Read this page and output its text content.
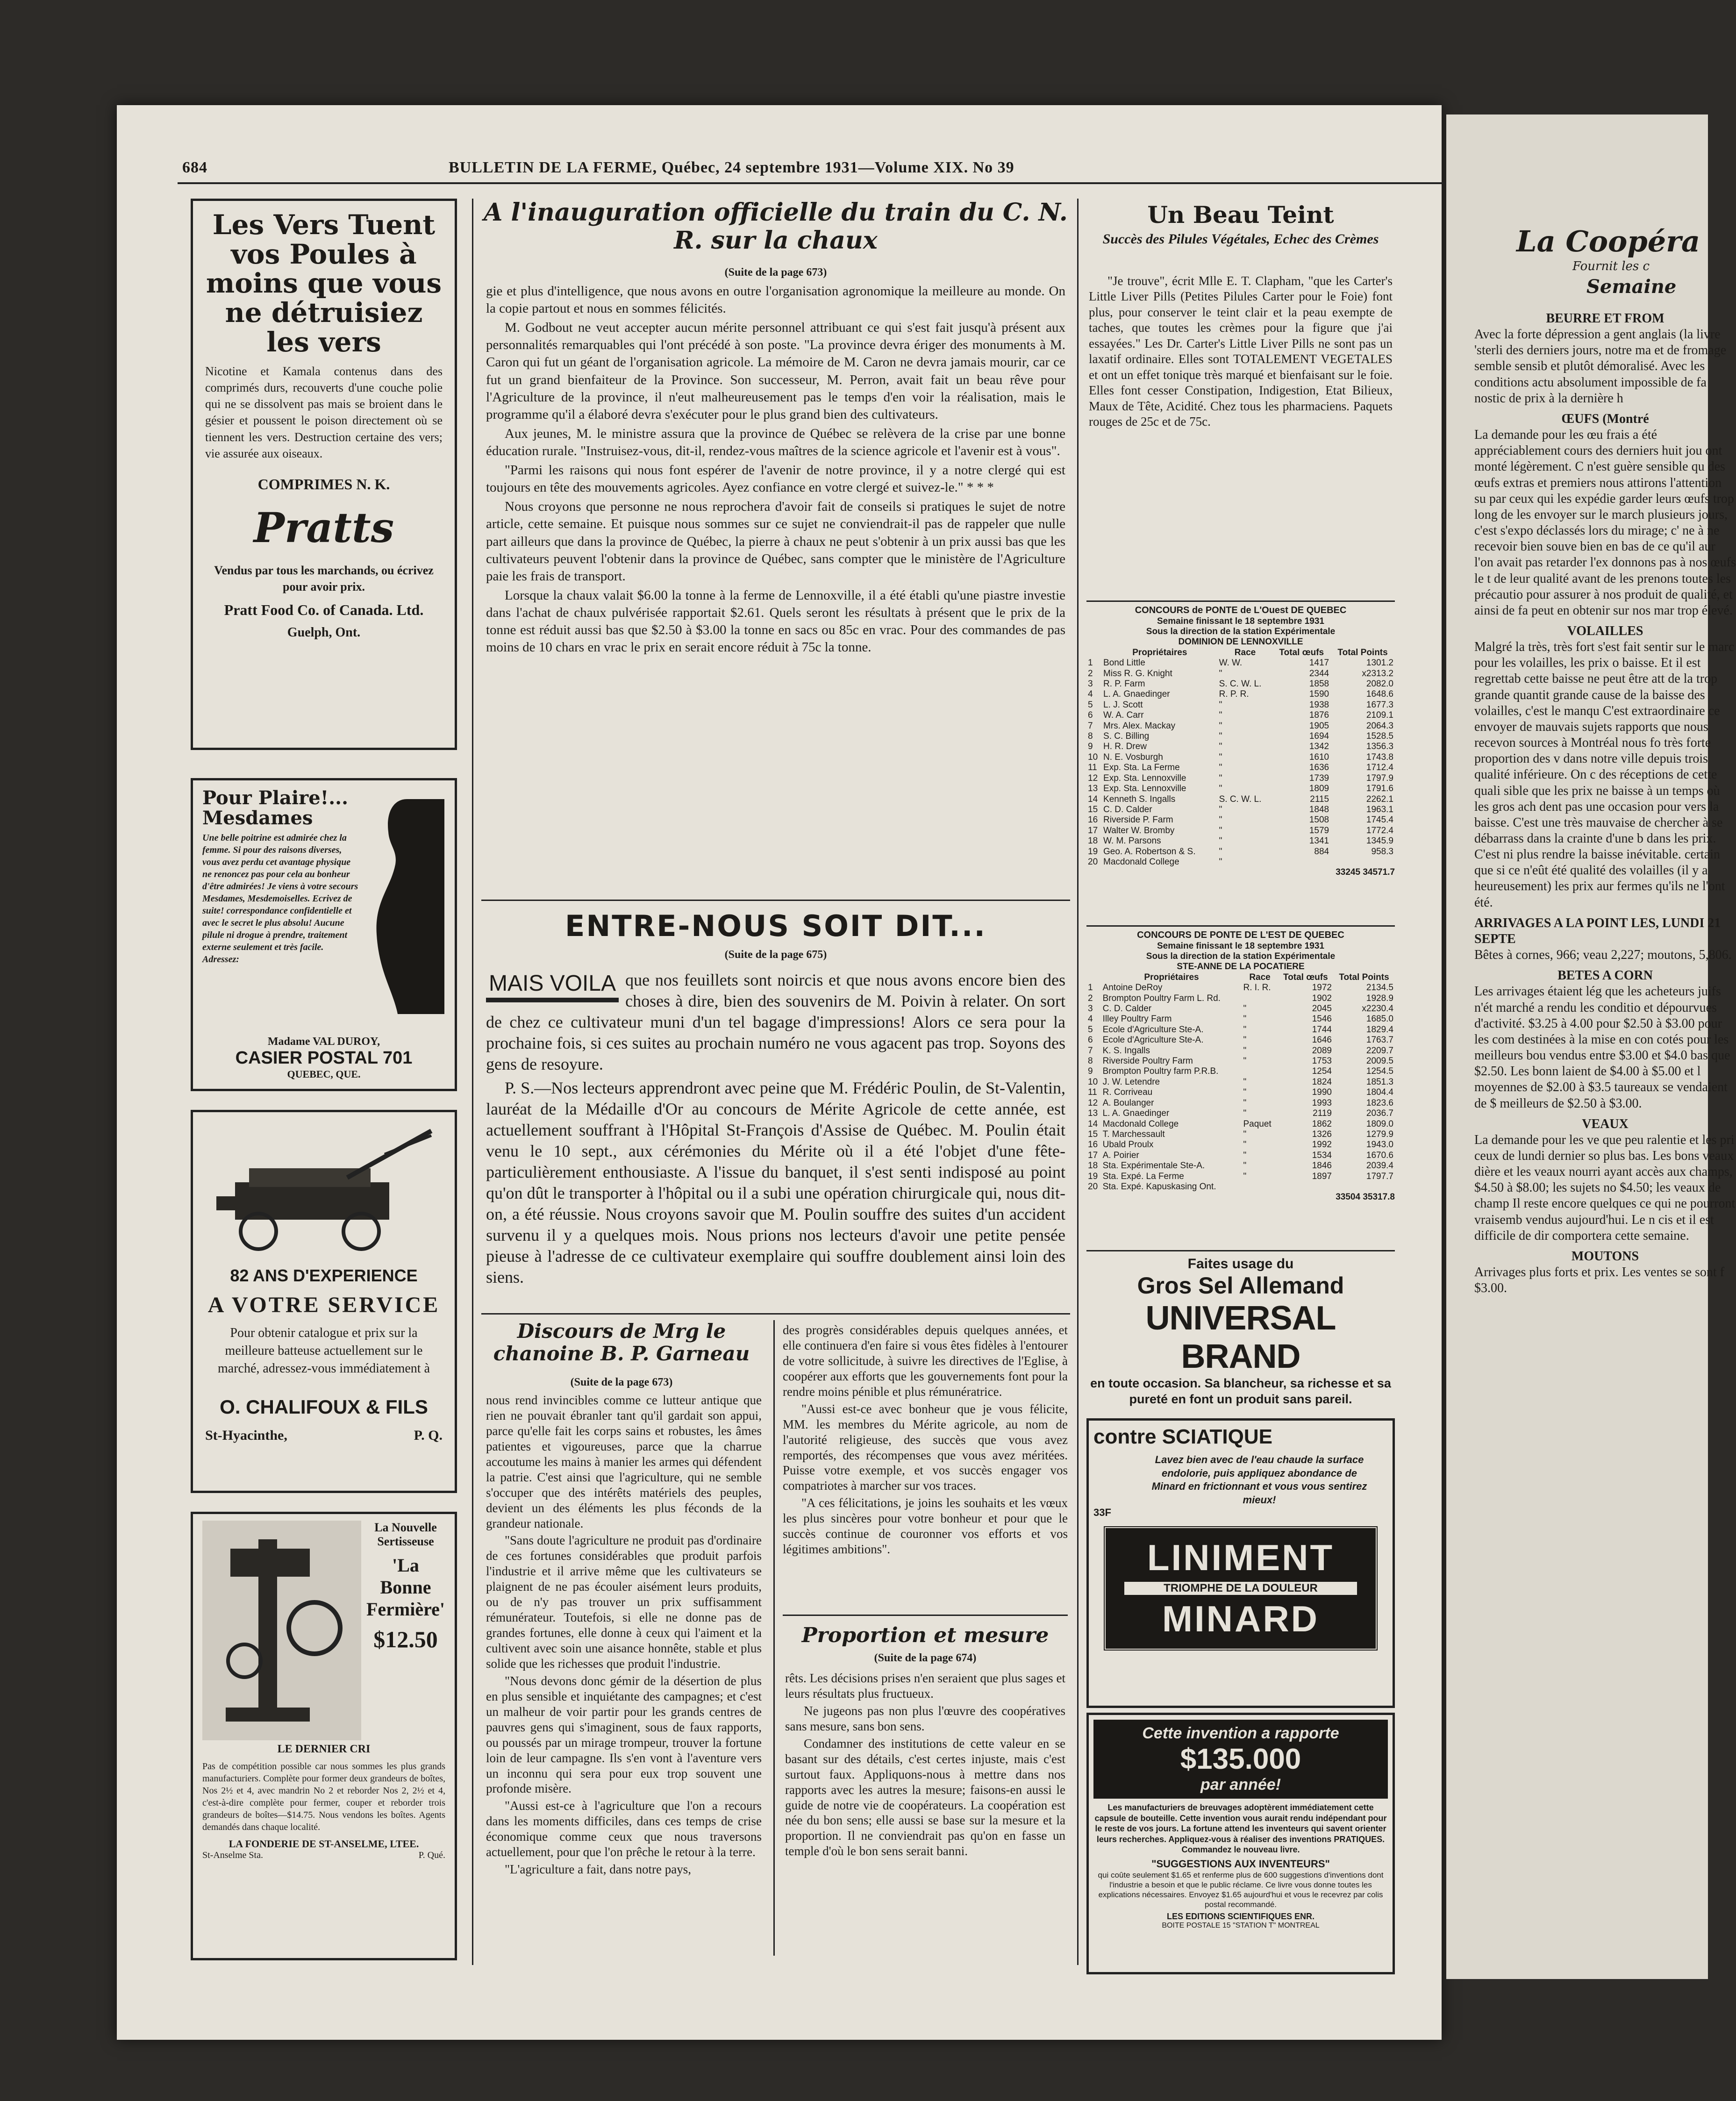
684	BULLETIN DE LA FERME, Québec, 24 septembre 1931—Volume XIX. No 39
Les Vers Tuent vos Poules à moins que vous ne détruisiez les vers
Nicotine et Kamala contenus dans des comprimés durs, recouverts d'une couche polie qui ne se dissolvent pas mais se broient dans le gésier et poussent le poison directement où se tiennent les vers. Destruction certaine des vers; vie assurée aux oiseaux.
COMPRIMES N. K.
Pratts
Vendus par tous les marchands, ou écrivez pour avoir prix.
Pratt Food Co. of Canada. Ltd.
Guelph, Ont.
Pour Plaire!... Mesdames
Une belle poitrine est admirée chez la femme. Si pour des raisons diverses, vous avez perdu cet avantage physique ne renoncez pas pour cela au bonheur d'être admirées! Je viens à votre secours Mesdames, Mesdemoiselles. Ecrivez de suite! correspondance confidentielle et avec le secret le plus absolu! Aucune pilule ni drogue à prendre, traitement externe seulement et très facile. Adressez:
Madame VAL DUROY,
CASIER POSTAL 701
QUEBEC, QUE.
82 ANS D'EXPERIENCE
A VOTRE SERVICE
Pour obtenir catalogue et prix sur la meilleure batteuse actuellement sur le marché, adressez-vous immédiatement à
O. CHALIFOUX & FILS
St-Hyacinthe,	P. Q.
La Nouvelle Sertisseuse
'La Bonne Fermière'
$12.50
LE DERNIER CRI
Pas de compétition possible car nous sommes les plus grands manufacturiers. Complète pour former deux grandeurs de boîtes, Nos 2½ et 4, avec mandrin No 2 et reborder Nos 2, 2½ et 4, c'est-à-dire complète pour fermer, couper et reborder trois grandeurs de boîtes—$14.75. Nous vendons les boîtes. Agents demandés dans chaque localité.
LA FONDERIE DE ST-ANSELME, LTEE.
St-Anselme Sta.	P. Qué.
A l'inauguration officielle du train du C. N. R. sur la chaux
(Suite de la page 673)

gie et plus d'intelligence, que nous avons en outre l'organisation agronomique la meilleure au monde. On la copie partout et nous en sommes félicités.

M. Godbout ne veut accepter aucun mérite personnel attribuant ce qui s'est fait jusqu'à présent aux personnalités remarquables qui l'ont précédé à son poste. "La province devra ériger des monuments à M. Caron qui fut un géant de l'organisation agricole. La mémoire de M. Caron ne devra jamais mourir, car ce fut un grand bienfaiteur de la Province. Son successeur, M. Perron, avait fait un beau rêve pour l'Agriculture de la province, il n'eut malheureusement pas le temps d'en voir la réalisation, mais le programme qu'il a élaboré devra s'exécuter pour le plus grand bien des cultivateurs.

Aux jeunes, M. le ministre assura que la province de Québec se relèvera de la crise par une bonne éducation rurale. "Instruisez-vous, dit-il, rendez-vous maîtres de la science agricole et l'avenir est à vous".

"Parmi les raisons qui nous font espérer de l'avenir de notre province, il y a notre clergé qui est toujours en tête des mouvements agricoles. Ayez confiance en votre clergé et suivez-le." * * *

Nous croyons que personne ne nous reprochera d'avoir fait de conseils si pratiques le sujet de notre article, cette semaine. Et puisque nous sommes sur ce sujet ne conviendrait-il pas de rappeler que nulle part ailleurs que dans la province de Québec, la pierre à chaux ne peut s'obtenir à un prix aussi bas que les cultivateurs peuvent l'obtenir dans la province de Québec, sans compter que le ministère de l'Agriculture paie les frais de transport.

Lorsque la chaux valait $6.00 la tonne à la ferme de Lennoxville, il a été établi qu'une piastre investie dans l'achat de chaux pulvérisée rapportait $2.61. Quels seront les résultats à présent que le prix de la tonne est réduit aussi bas que $2.50 à $3.00 la tonne en sacs ou 85c en vrac. Pour des commandes de pas moins de 10 chars en vrac le prix en serait encore réduit à 75c la tonne.

ENTRE-NOUS SOIT DIT...
(Suite de la page 675)
MAIS VOILA que nos feuillets sont noircis et que nous avons encore bien des choses à dire, bien des souvenirs de M. Poivin à relater. On sort de chez ce cultivateur muni d'un tel bagage d'impressions! Alors ce sera pour la prochaine fois, si ces suites au prochain numéro ne vous agacent pas trop. Soyons des gens de resoyure.

P. S.—Nos lecteurs apprendront avec peine que M. Frédéric Poulin, de St-Valentin, lauréat de la Médaille d'Or au concours de Mérite Agricole de cette année, est actuellement souffrant à l'Hôpital St-François d'Assise de Québec. M. Poulin était venu le 10 sept., aux cérémonies du Mérite où il a été l'objet d'une fête-particulièrement enthousiaste. A l'issue du banquet, il s'est senti indisposé au point qu'on dût le transporter à l'hôpital ou il a subi une opération chirurgicale qui, nous dit-on, a été réussie. Nous croyons savoir que M. Poulin souffre des suites d'un accident survenu il y a quelques mois. Nous prions nos lecteurs d'avoir une petite pensée pieuse à l'adresse de ce cultivateur exemplaire qui souffre doublement ainsi loin des siens.

Discours de Mrg le chanoine B. P. Garneau
(Suite de la page 673)

nous rend invincibles comme ce lutteur antique que rien ne pouvait ébranler tant qu'il gardait son appui, parce qu'elle fait les corps sains et robustes, les âmes patientes et vigoureuses, parce que la charrue accoutume les mains à manier les armes qui défendent la patrie. C'est ainsi que l'agriculture, qui ne semble s'occuper que des intérêts matériels des peuples, devient un des éléments les plus féconds de la grandeur nationale.

"Sans doute l'agriculture ne produit pas d'ordinaire de ces fortunes considérables que produit parfois l'industrie et il arrive même que les cultivateurs se plaignent de ne pas écouler aisément leurs produits, ou de n'y pas trouver un prix suffisamment rémunérateur. Toutefois, si elle ne donne pas de grandes fortunes, elle donne à ceux qui l'aiment et la cultivent avec soin une aisance honnête, stable et plus solide que les richesses que produit l'industrie.

"Nous devons donc gémir de la désertion de plus en plus sensible et inquiétante des campagnes; et c'est un malheur de voir partir pour les grands centres de pauvres gens qui s'imaginent, sous de faux rapports, ou poussés par un mirage trompeur, trouver la fortune loin de leur campagne. Ils s'en vont à l'aventure vers un inconnu qui sera pour eux trop souvent une profonde misère.

"Aussi est-ce à l'agriculture que l'on a recours dans les moments difficiles, dans ces temps de crise économique comme ceux que nous traversons actuellement, pour que l'on prêche le retour à la terre.

"L'agriculture a fait, dans notre pays,

des progrès considérables depuis quelques années, et elle continuera d'en faire si vous êtes fidèles à l'entourer de votre sollicitude, à suivre les directives de l'Eglise, à coopérer aux efforts que les gouvernements font pour la rendre moins pénible et plus rémunératrice.

"Aussi est-ce avec bonheur que je vous félicite, MM. les membres du Mérite agricole, au nom de l'autorité religieuse, des succès que vous avez remportés, des récompenses que vous avez méritées. Puisse votre exemple, et vos succès engager vos compatriotes à marcher sur vos traces.

"A ces félicitations, je joins les souhaits et les vœux les plus sincères pour votre bonheur et pour que le succès continue de couronner vos efforts et vos légitimes ambitions".

Proportion et mesure
(Suite de la page 674)

rêts. Les décisions prises n'en seraient que plus sages et leurs résultats plus fructueux.

Ne jugeons pas non plus l'œuvre des coopératives sans mesure, sans bon sens.

Condamner des institutions de cette valeur en se basant sur des détails, c'est certes injuste, mais c'est surtout faux. Appliquons-nous à mettre dans nos rapports avec les autres la mesure; faisons-en aussi le guide de notre vie de coopérateurs. La coopération est née du bon sens; elle aussi se base sur la mesure et la proportion. Il ne conviendrait pas qu'on en fasse un temple d'où le bon sens serait banni.

Un Beau Teint
Succès des Pilules Végétales, Echec des Crèmes

"Je trouve", écrit Mlle E. T. Clapham, "que les Carter's Little Liver Pills (Petites Pilules Carter pour le Foie) font plus, pour conserver le teint clair et la peau exempte de taches, que toutes les crèmes pour la figure que j'ai essayées." Les Dr. Carter's Little Liver Pills ne sont pas un laxatif ordinaire. Elles sont TOTALEMENT VEGETALES et ont un effet tonique très marqué et bienfaisant sur le foie. Elles font cesser Constipation, Indigestion, Etat Bilieux, Maux de Tête, Acidité. Chez tous les pharmaciens. Paquets rouges de 25c et de 75c.

CONCOURS de PONTE de L'Ouest DE QUEBEC
Semaine finissant le 18 septembre 1931
Sous la direction de la station Expérimentale
DOMINION DE LENNOXVILLE
	Propriétaires	Race	Total œufs	Total Points
1	Bond Little	W. W.	1417	1301.2
2	Miss R. G. Knight	"	2344	x2313.2
3	R. P. Farm	S. C. W. L.	1858	2082.0
4	L. A. Gnaedinger	R. P. R.	1590	1648.6
5	L. J. Scott	"	1938	1677.3
6	W. A. Carr	"	1876	2109.1
7	Mrs. Alex. Mackay	"	1905	2064.3
8	S. C. Billing	"	1694	1528.5
9	H. R. Drew	"	1342	1356.3
10	N. E. Vosburgh	"	1610	1743.8
11	Exp. Sta. La Ferme	"	1636	1712.4
12	Exp. Sta. Lennoxville	"	1739	1797.9
13	Exp. Sta. Lennoxville	"	1809	1791.6
14	Kenneth S. Ingalls	S. C. W. L.	2115	2262.1
15	C. D. Calder	"	1848	1963.1
16	Riverside P. Farm	"	1508	1745.4
17	Walter W. Bromby	"	1579	1772.4
18	W. M. Parsons	"	1341	1345.9
19	Geo. A. Robertson & S.	"	884	958.3
20	Macdonald College	"		
33245 34571.7
CONCOURS DE PONTE DE L'EST DE QUEBEC
Semaine finissant le 18 septembre 1931
Sous la direction de la station Expérimentale
STE-ANNE DE LA POCATIERE
	Propriétaires	Race	Total œufs	Total Points
1	Antoine DeRoy	R. I. R.	1972	2134.5
2	Brompton Poultry Farm L. Rd.		1902	1928.9
3	C. D. Calder	"	2045	x2230.4
4	Illey Poultry Farm	"	1546	1685.0
5	Ecole d'Agriculture Ste-A.	"	1744	1829.4
6	Ecole d'Agriculture Ste-A.	"	1646	1763.7
7	K. S. Ingalls	"	2089	2209.7
8	Riverside Poultry Farm	"	1753	2009.5
9	Brompton Poultry farm P.R.B.		1254	1254.5
10	J. W. Letendre	"	1824	1851.3
11	R. Corriveau	"	1990	1804.4
12	A. Boulanger	"	1993	1823.6
13	L. A. Gnaedinger	"	2119	2036.7
14	Macdonald College	Paquet	1862	1809.0
15	T. Marchessault	"	1326	1279.9
16	Ubald Proulx	"	1992	1943.0
17	A. Poirier	"	1534	1670.6
18	Sta. Expérimentale Ste-A.	"	1846	2039.4
19	Sta. Expé. La Ferme	"	1897	1797.7
20	Sta. Expé. Kapuskasing Ont.			
33504 35317.8
Faites usage du
Gros Sel Allemand
UNIVERSAL BRAND
en toute occasion. Sa blancheur, sa richesse et sa pureté en font un produit sans pareil.
contre SCIATIQUE
Lavez bien avec de l'eau chaude la surface endolorie, puis appliquez abondance de Minard en frictionnant et vous vous sentirez mieux!
33F
LINIMENT
TRIOMPHE DE LA DOULEUR
MINARD
Cette invention a rapporte
$135.000
par année!
Les manufacturiers de breuvages adoptèrent immédiatement cette capsule de bouteille. Cette invention vous aurait rendu indépendant pour le reste de vos jours. La fortune attend les inventeurs qui savent orienter leurs recherches. Appliquez-vous à réaliser des inventions PRATIQUES. Commandez le nouveau livre.
"SUGGESTIONS AUX INVENTEURS"
qui coûte seulement $1.65 et renferme plus de 600 suggestions d'inventions dont l'industrie a besoin et que le public réclame. Ce livre vous donne toutes les explications nécessaires. Envoyez $1.65 aujourd'hui et vous le recevrez par colis postal recommandé.
LES EDITIONS SCIENTIFIQUES ENR.
BOITE POSTALE 15 "STATION T" MONTREAL
La Coopéra
Fournit les c
Semaine
BEURRE ET FROM
Avec la forte dépression a gent anglais (la livre 'sterli des derniers jours, notre ma et de fromage semble sensib et plutôt démoralisé. Avec les conditions actu absolument impossible de fa nostic de prix à la dernière h
ŒUFS (Montré
La demande pour les œu frais a été appréciablement cours des derniers huit jou ont monté légèrement. C n'est guère sensible qu des œufs extras et premiers nous attirons l'attention su par ceux qui les expédie garder leurs œufs trop long de les envoyer sur le march plusieurs jours, c'est s'expo déclassés lors du mirage; c' ne à ne recevoir bien souve bien en bas de ce qu'il aur l'on avait pas retarder l'ex donnons pas à nos œufs le t de leur qualité avant de les prenons toutes les précautio pour assurer à nos produit de qualité, et ainsi de fa peut en obtenir sur nos mar trop élevé.
VOLAILLES
Malgré la très, très fort s'est fait sentir sur le marc pour les volailles, les prix o baisse. Et il est regrettab cette baisse ne peut être att de la trop grande quantit grande cause de la baisse des volailles, c'est le manqu C'est extraordinaire ce envoyer de mauvais sujets rapports que nous recevon sources à Montréal nous fo très forte proportion des v dans notre ville depuis trois qualité inférieure. On c des réceptions de cette quali sible que les prix ne baisse à un temps où les gros ach dent pas une occasion pour vers la baisse. C'est une très mauvaise de chercher à se débarrass dans la crainte d'une b dans les prix. C'est ni plus rendre la baisse inévitable. certain que si ce n'eût été qualité des volailles (il y a heureusement) les prix aur fermes qu'ils ne l'ont été.
ARRIVAGES A LA POINT LES, LUNDI 21 SEPTE
Bêtes à cornes, 966; veau 2,227; moutons, 5,806.
BETES A CORN
Les arrivages étaient lég que les acheteurs juifs n'ét marché a rendu les conditio et dépourvues d'activité. $3.25 à 4.00 pour $2.50 à $3.00 pour les com destinées à la mise en con cotés pour les meilleurs bou vendus entre $3.00 et $4.0 bas que $2.50. Les bonn laient de $4.00 à $5.00 et l moyennes de $2.00 à $3.5 taureaux se vendaient de $ meilleurs de $2.50 à $3.00.
VEAUX
La demande pour les ve que peu ralentie et les pri ceux de lundi dernier so plus bas. Les bons veaux dière et les veaux nourri ayant accès aux champs, $4.50 à $8.00; les sujets no $4.50; les veaux de champ Il reste encore quelques ce qui ne pourront vraisemb vendus aujourd'hui. Le n cis et il est difficile de dir comportera cette semaine.
MOUTONS
Arrivages plus forts et prix. Les ventes se sont f $3.00.
